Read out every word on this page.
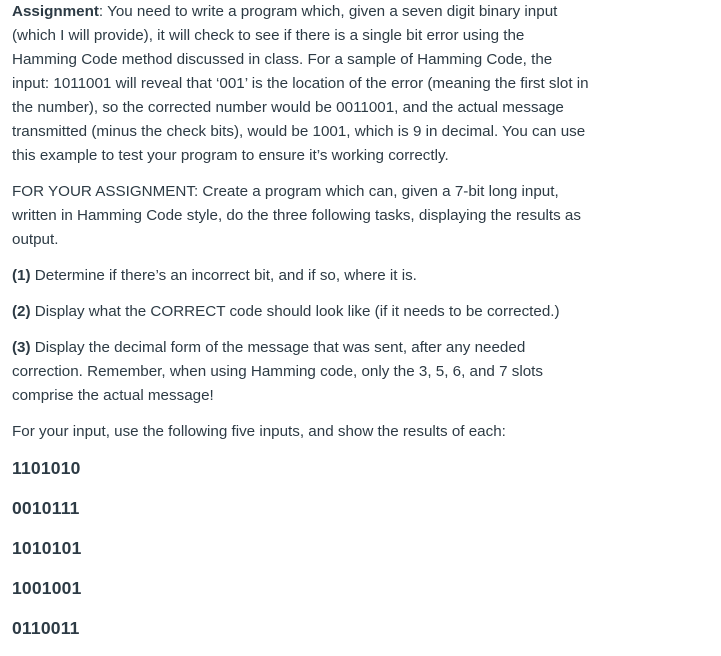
Assignment: You need to write a program which, given a seven digit binary input (which I will provide), it will check to see if there is a single bit error using the Hamming Code method discussed in class. For a sample of Hamming Code, the input: 1011001 will reveal that ‘001’ is the location of the error (meaning the first slot in the number), so the corrected number would be 0011001, and the actual message transmitted (minus the check bits), would be 1001, which is 9 in decimal. You can use this example to test your program to ensure it’s working correctly.

FOR YOUR ASSIGNMENT: Create a program which can, given a 7-bit long input, written in Hamming Code style, do the three following tasks, displaying the results as output.

(1) Determine if there’s an incorrect bit, and if so, where it is.

(2) Display what the CORRECT code should look like (if it needs to be corrected.)

(3) Display the decimal form of the message that was sent, after any needed correction. Remember, when using Hamming code, only the 3, 5, 6, and 7 slots comprise the actual message!

For your input, use the following five inputs, and show the results of each:

1101010
0010111
1010101
1001001
0110011
